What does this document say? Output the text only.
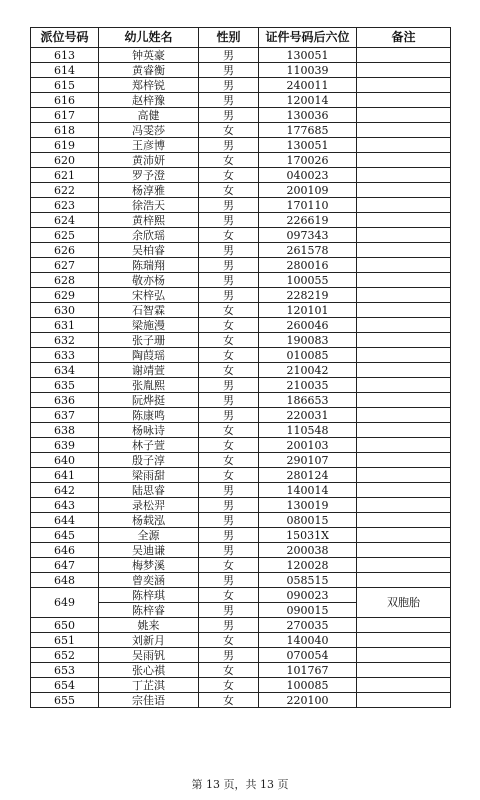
派位号码	幼儿姓名	性别	证件号码后六位	备注
613	钟英豪	男	130051	
614	黄睿衡	男	110039	
615	郑梓锐	男	240011	
616	赵梓豫	男	120014	
617	高健	男	130036	
618	冯雯莎	女	177685	
619	王彦博	男	130051	
620	黄沛妍	女	170026	
621	罗予澄	女	040023	
622	杨淳雅	女	200109	
623	徐浩天	男	170110	
624	黄梓熙	男	226619	
625	余欣瑶	女	097343	
626	吴柏睿	男	261578	
627	陈瑞翔	男	280016	
628	敬亦杨	男	100055	
629	宋梓弘	男	228219	
630	石智霖	女	120101	
631	梁施漫	女	260046	
632	张子珊	女	190083	
633	陶葭瑶	女	010085	
634	谢靖萱	女	210042	
635	张胤熙	男	210035	
636	阮烨挺	男	186653	
637	陈康鸣	男	220031	
638	杨咏诗	女	110548	
639	林子萱	女	200103	
640	殷子淳	女	290107	
641	梁雨甜	女	280124	
642	陆思睿	男	140014	
643	录松羿	男	130019	
644	杨载泓	男	080015	
645	全源	男	15031X	
646	吴迪谦	男	200038	
647	梅梦溪	女	120028	
648	曾奕涵	男	058515	
649	陈梓琪	女	090023	双胞胎
	陈梓睿	男	090015	
650	姚来	男	270035	
651	刘新月	女	140040	
652	吴雨钒	男	070054	
653	张心祺	女	101767	
654	丁芷淇	女	100085	
655	宗佳语	女	220100	
第 13 页，共 13 页
